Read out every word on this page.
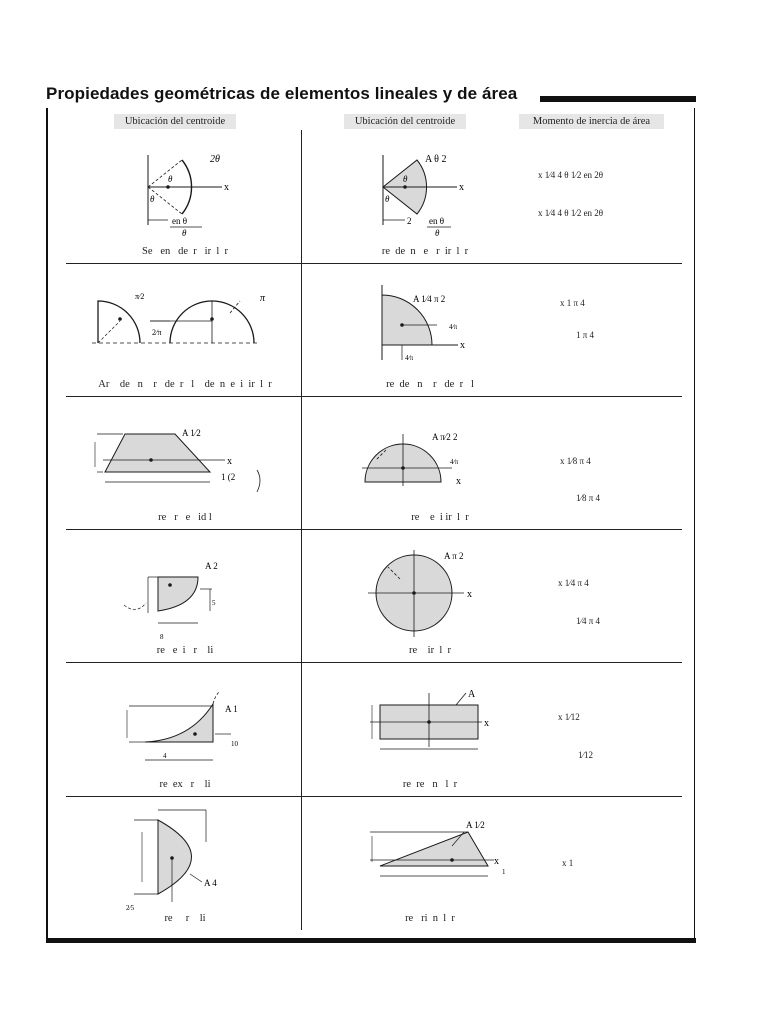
Propiedades geométricas de elementos lineales y de área
Ubicación del centroide	Ubicación del centroide	Momento de inercia de área
2θ
θ
θ
x
en θ
θ
Se   en   de  r   ir  l  r
A θ 2
θ
θ
x
2 en θ
θ
re  de  n   e   r  ir  l  r
x 1⁄4 4 θ 1⁄2 en 2θ
x 1⁄4 4 θ 1⁄2 en 2θ
π⁄2
2⁄π
π
Ar    de   n    r   de  r   l    de  n  e  i  ir  l  r
A 1⁄4 π 2
4⁄π
x
4⁄π
re  de   n    r   de  r   l
x 1 π 4
1 π 4
A 1⁄2
x
1 (2
re   r   e   id l
A π⁄2 2
4⁄π
x
re    e  i ir  l  r
x 1⁄8 π 4
1⁄8 π 4
A 2
5
8
re   e  i   r    li
A π 2
x
re    ir  l  r
x 1⁄4 π 4
1⁄4 π 4
A 1
10
4
re  ex   r    li
A
x
re  re   n   l  r
x 1⁄12
1⁄12
A 4
2⁄5
re     r    li
A 1⁄2
x
1
re   ri  n  l  r
x 1
